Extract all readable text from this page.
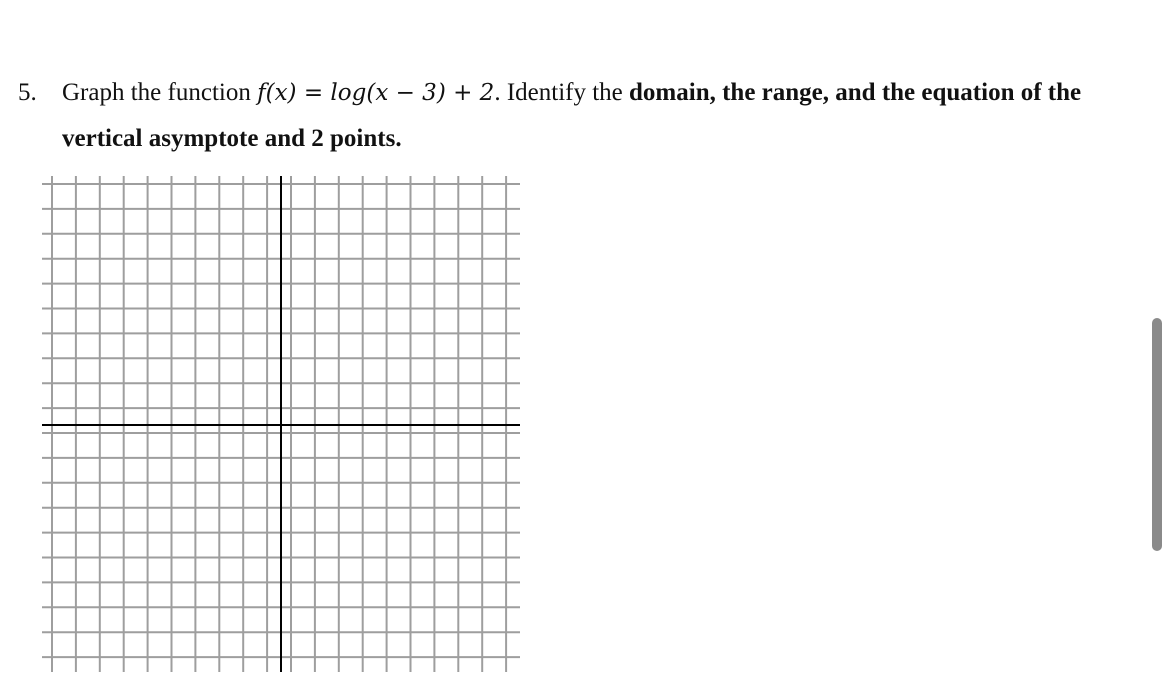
5. Graph the function f(x) = log(x − 3) + 2. Identify the domain, the range, and the equation of the vertical asymptote and 2 points.
